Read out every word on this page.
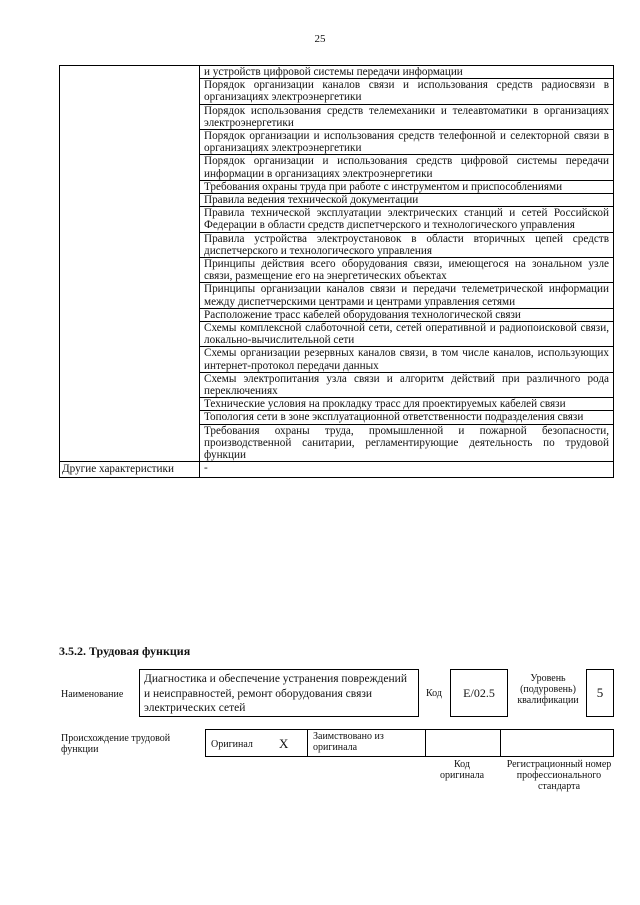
25
	и устройств цифровой системы передачи информации
	Порядок организации каналов связи и использования средств радиосвязи в организациях электроэнергетики
	Порядок использования средств телемеханики и телеавтоматики в организациях электроэнергетики
	Порядок организации и использования средств телефонной и селекторной связи в организациях электроэнергетики
	Порядок организации и использования средств цифровой системы передачи информации в организациях электроэнергетики
	Требования охраны труда при работе с инструментом и приспособлениями
	Правила ведения технической документации
	Правила технической эксплуатации электрических станций и сетей Российской Федерации в области средств диспетчерского и технологического управления
	Правила устройства электроустановок в области вторичных цепей средств диспетчерского и технологического управления
	Принципы действия всего оборудования связи, имеющегося на зональном узле связи, размещение его на энергетических объектах
	Принципы организации каналов связи и передачи телеметрической информации между диспетчерскими центрами и центрами управления сетями
	Расположение трасс кабелей оборудования технологической связи
	Схемы комплексной слаботочной сети, сетей оперативной и радиопоисковой связи, локально-вычислительной сети
	Схемы организации резервных каналов связи, в том числе каналов, использующих интернет-протокол передачи данных
	Схемы электропитания узла связи и алгоритм действий при различного рода переключениях
	Технические условия на прокладку трасс для проектируемых кабелей связи
	Топология сети в зоне эксплуатационной ответственности подразделения связи
	Требования охраны труда, промышленной и пожарной безопасности, производственной санитарии, регламентирующие деятельность по трудовой функции
Другие характеристики	-
3.5.2. Трудовая функция
Наименование
Диагностика и обеспечение устранения повреждений и неисправностей, ремонт оборудования связи электрических сетей
Код	E/02.5
Уровень (подуровень) квалификации
5
Происхождение трудовой функции	Оригинал X Заимствовано из оригинала
Код оригинала
Регистрационный номер профессионального стандарта
